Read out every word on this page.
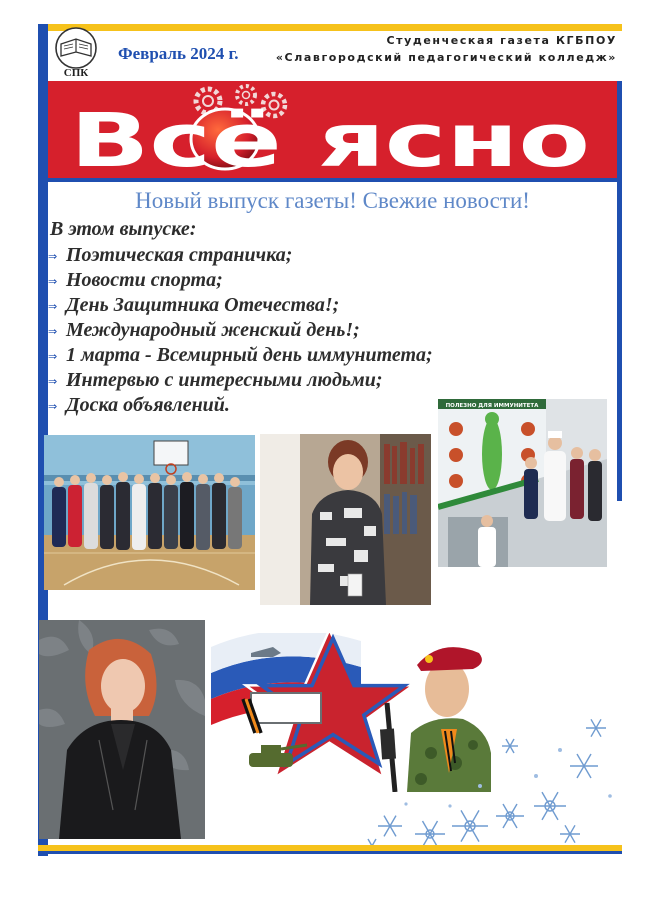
СПК
Февраль 2024 г.
Студенческая газета КГБПОУ
«Славгородский педагогический колледж»
Всё ясно
Новый выпуск газеты! Свежие новости!
В этом выпуске:
⇒ Поэтическая страничка;
⇒ Новости спорта;
⇒ День Защитника Отечества!;
⇒ Международный женский день!;
⇒ 1 марта - Всемирный день иммунитета;
⇒ Интервью с интересными людьми;
⇒ Доска объявлений.	ПОЛЕЗНО ДЛЯ ИММУНИТЕТА
